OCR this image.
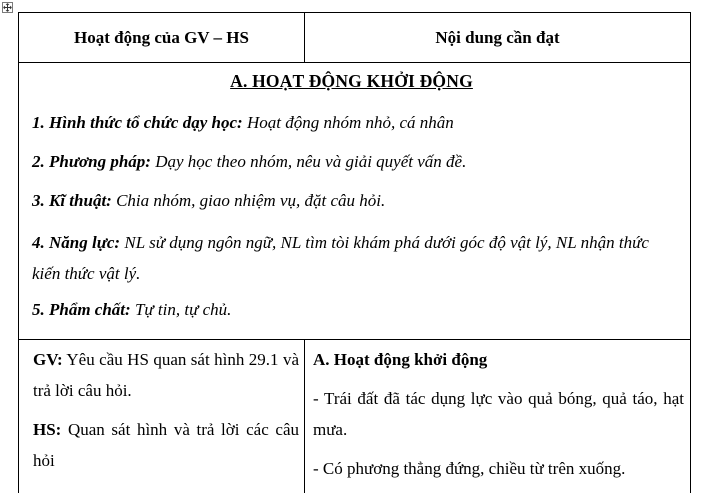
Hoạt động của GV – HS	Nội dung cần đạt
A. HOẠT ĐỘNG KHỞI ĐỘNG
1. Hình thức tổ chức dạy học: Hoạt động nhóm nhỏ, cá nhân
2. Phương pháp: Dạy học theo nhóm, nêu và giải quyết vấn đề.
3. Kĩ thuật: Chia nhóm, giao nhiệm vụ, đặt câu hỏi.
4. Năng lực: NL sử dụng ngôn ngữ, NL tìm tòi khám phá dưới góc độ vật lý, NL nhận thức kiến thức vật lý.
5. Phẩm chất: Tự tin, tự chủ.
GV: Yêu cầu HS quan sát hình 29.1 và trả lời câu hỏi.
HS: Quan sát hình và trả lời các câu hỏi
A. Hoạt động khởi động
- Trái đất đã tác dụng lực vào quả bóng, quả táo, hạt mưa.
- Có phương thẳng đứng, chiều từ trên xuống.
